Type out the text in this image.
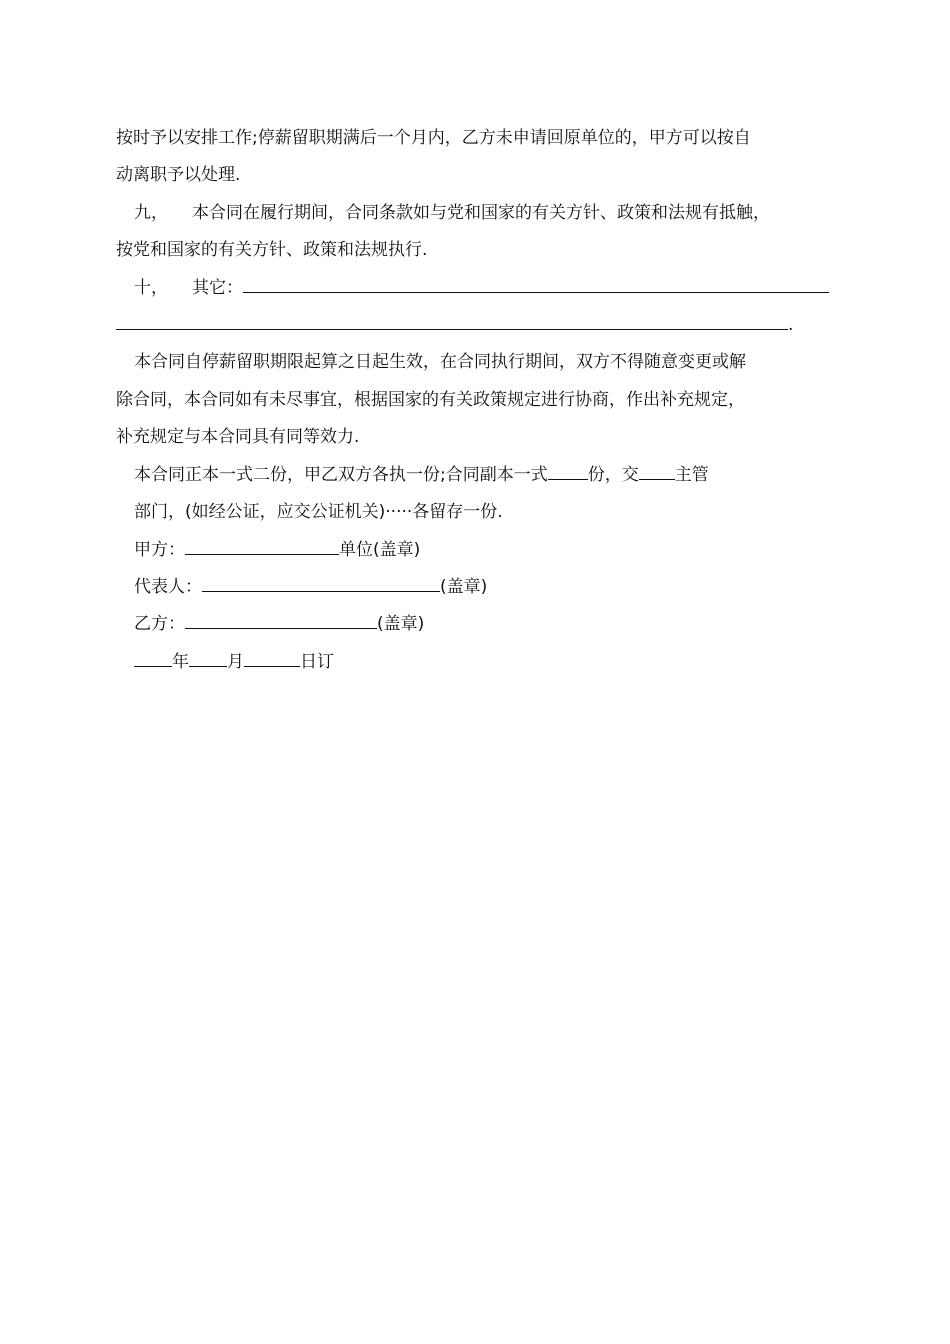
按时予以安排工作;停薪留职期满后一个月内，乙方未申请回原单位的，甲方可以按自
动离职予以处理.
九， 本合同在履行期间，合同条款如与党和国家的有关方针、政策和法规有抵触，
按党和国家的有关方针、政策和法规执行.
十， 其它：
.
本合同自停薪留职期限起算之日起生效，在合同执行期间，双方不得随意变更或解
除合同，本合同如有未尽事宜，根据国家的有关政策规定进行协商，作出补充规定，
补充规定与本合同具有同等效力.
本合同正本一式二份，甲乙双方各执一份;合同副本一式 份，交 主管
部门，(如经公证，应交公证机关)·····各留存一份.
甲方：	单位(盖章)
代表人：	(盖章)
乙方：	(盖章)
年 月	日订
